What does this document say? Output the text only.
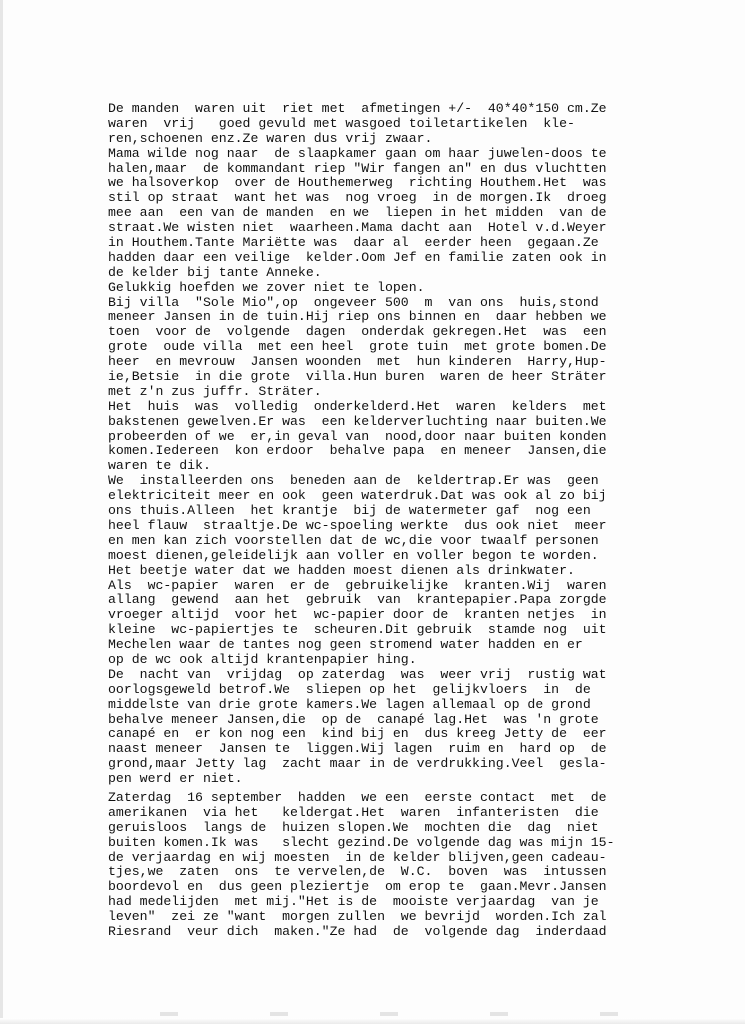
De manden  waren uit  riet met  afmetingen +/-  40*40*150 cm.Ze
waren  vrij   goed gevuld met wasgoed toiletartikelen  kle-
ren,schoenen enz.Ze waren dus vrij zwaar.
Mama wilde nog naar  de slaapkamer gaan om haar juwelen-doos te
halen,maar  de kommandant riep "Wir fangen an" en dus vluchtten
we halsoverkop  over de Houthemerweg  richting Houthem.Het  was
stil op straat  want het was  nog vroeg  in de morgen.Ik  droeg
mee aan  een van de manden  en we  liepen in het midden  van de
straat.We wisten niet  waarheen.Mama dacht aan  Hotel v.d.Weyer
in Houthem.Tante Mariëtte was  daar al  eerder heen  gegaan.Ze
hadden daar een veilige  kelder.Oom Jef en familie zaten ook in
de kelder bij tante Anneke.
Gelukkig hoefden we zover niet te lopen.
Bij villa  "Sole Mio",op  ongeveer 500  m  van ons  huis,stond
meneer Jansen in de tuin.Hij riep ons binnen en  daar hebben we
toen  voor de  volgende  dagen  onderdak gekregen.Het  was  een
grote  oude villa  met een heel  grote tuin  met grote bomen.De
heer  en mevrouw  Jansen woonden  met  hun kinderen  Harry,Hup-
ie,Betsie  in die grote  villa.Hun buren  waren de heer Sträter
met z'n zus juffr. Sträter.
Het  huis  was  volledig  onderkelderd.Het  waren  kelders  met
bakstenen gewelven.Er was  een kelderverluchting naar buiten.We
probeerden of we  er,in geval van  nood,door naar buiten konden
komen.Iedereen  kon erdoor  behalve papa  en meneer  Jansen,die
waren te dik.
We  installeerden ons  beneden aan de  keldertrap.Er was  geen
elektriciteit meer en ook  geen waterdruk.Dat was ook al zo bij
ons thuis.Alleen  het krantje  bij de watermeter gaf  nog een
heel flauw  straaltje.De wc-spoeling werkte  dus ook niet  meer
en men kan zich voorstellen dat de wc,die voor twaalf personen
moest dienen,geleidelijk aan voller en voller begon te worden.
Het beetje water dat we hadden moest dienen als drinkwater.
Als  wc-papier  waren  er de  gebruikelijke  kranten.Wij  waren
allang  gewend  aan het  gebruik  van  krantepapier.Papa zorgde
vroeger altijd  voor het  wc-papier door de  kranten netjes  in
kleine  wc-papiertjes te  scheuren.Dit gebruik  stamde nog  uit
Mechelen waar de tantes nog geen stromend water hadden en er
op de wc ook altijd krantenpapier hing.
De  nacht van  vrijdag  op zaterdag  was  weer vrij  rustig wat
oorlogsgeweld betrof.We  sliepen op het  gelijkvloers  in  de
middelste van drie grote kamers.We lagen allemaal op de grond
behalve meneer Jansen,die  op de  canapé lag.Het  was 'n grote
canapé en  er kon nog een  kind bij en  dus kreeg Jetty de  eer
naast meneer  Jansen te  liggen.Wij lagen  ruim en  hard op  de
grond,maar Jetty lag  zacht maar in de verdrukking.Veel  gesla-
pen werd er niet.
Zaterdag  16 september  hadden  we een  eerste contact  met  de
amerikanen  via het   keldergat.Het  waren  infanteristen  die
geruisloos  langs de  huizen slopen.We  mochten die  dag  niet
buiten komen.Ik was   slecht gezind.De volgende dag was mijn 15-
de verjaardag en wij moesten  in de kelder blijven,geen cadeau-
tjes,we  zaten  ons  te vervelen,de  W.C.  boven  was  intussen
boordevol en  dus geen pleziertje  om erop te  gaan.Mevr.Jansen
had medelijden  met mij."Het is de  mooiste verjaardag  van je
leven"  zei ze "want  morgen zullen  we bevrijd  worden.Ich zal
Riesrand  veur dich  maken."Ze had  de  volgende dag  inderdaad
